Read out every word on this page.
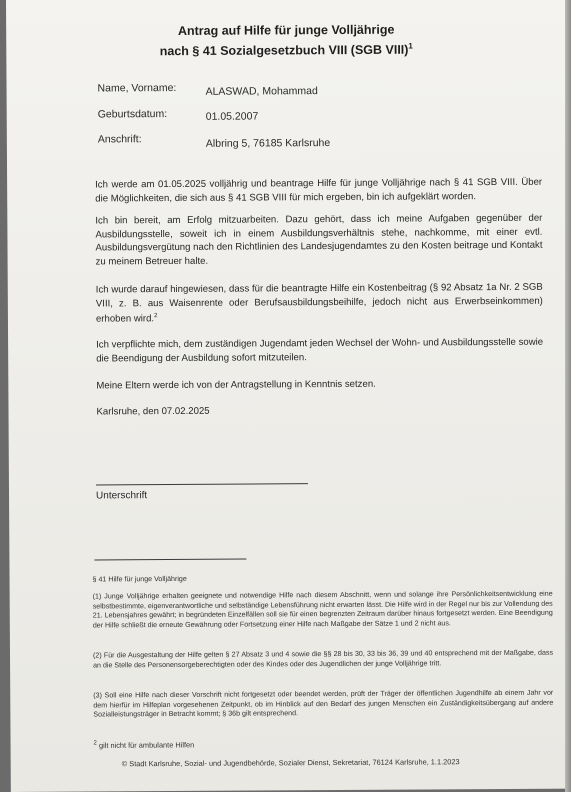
Antrag auf Hilfe für junge Volljährige
nach § 41 Sozialgesetzbuch VIII (SGB VIII)$^1$
Name, Vorname:	ALASWAD, Mohammad
Geburtsdatum:	01.05.2007
Anschrift:	Albring 5, 76185 Karlsruhe
Ich werde am 01.05.2025 volljährig und beantrage Hilfe für junge Volljährige nach § 41 SGB VIII. Über die Möglichkeiten, die sich aus § 41 SGB VIII für mich ergeben, bin ich aufgeklärt worden.
Ich bin bereit, am Erfolg mitzuarbeiten. Dazu gehört, dass ich meine Aufgaben gegenüber der Ausbildungsstelle, soweit ich in einem Ausbildungsverhältnis stehe, nachkomme, mit einer evtl. Ausbildungsvergütung nach den Richtlinien des Landesjugendamtes zu den Kosten beitrage und Kontakt zu meinem Betreuer halte.
Ich wurde darauf hingewiesen, dass für die beantragte Hilfe ein Kostenbeitrag (§ 92 Absatz 1a Nr. 2 SGB VIII, z. B. aus Waisenrente oder Berufsausbildungsbeihilfe, jedoch nicht aus Erwerbseinkommen) erhoben wird.$^2$
Ich verpflichte mich, dem zuständigen Jugendamt jeden Wechsel der Wohn- und Ausbildungsstelle sowie die Beendigung der Ausbildung sofort mitzuteilen.
Meine Eltern werde ich von der Antragstellung in Kenntnis setzen.
Karlsruhe, den 07.02.2025
Unterschrift
§ 41 Hilfe für junge Volljährige
(1) Junge Volljährige erhalten geeignete und notwendige Hilfe nach diesem Abschnitt, wenn und solange ihre Persönlichkeitsentwicklung eine selbstbestimmte, eigenverantwortliche und selbständige Lebensführung nicht erwarten lässt. Die Hilfe wird in der Regel nur bis zur Vollendung des 21. Lebensjahres gewährt; in begründeten Einzelfällen soll sie für einen begrenzten Zeitraum darüber hinaus fortgesetzt werden. Eine Beendigung der Hilfe schließt die erneute Gewährung oder Fortsetzung einer Hilfe nach Maßgabe der Sätze 1 und 2 nicht aus.
(2) Für die Ausgestaltung der Hilfe gelten § 27 Absatz 3 und 4 sowie die §§ 28 bis 30, 33 bis 36, 39 und 40 entsprechend mit der Maßgabe, dass an die Stelle des Personensorgeberechtigten oder des Kindes oder des Jugendlichen der junge Volljährige tritt.
(3) Soll eine Hilfe nach dieser Vorschrift nicht fortgesetzt oder beendet werden, prüft der Träger der öffentlichen Jugendhilfe ab einem Jahr vor dem hierfür im Hilfeplan vorgesehenen Zeitpunkt, ob im Hinblick auf den Bedarf des jungen Menschen ein Zuständigkeitsübergang auf andere Sozialleistungsträger in Betracht kommt; § 36b gilt entsprechend.
$^2$ gilt nicht für ambulante Hilfen
© Stadt Karlsruhe, Sozial- und Jugendbehörde, Sozialer Dienst, Sekretariat, 76124 Karlsruhe, 1.1.2023
